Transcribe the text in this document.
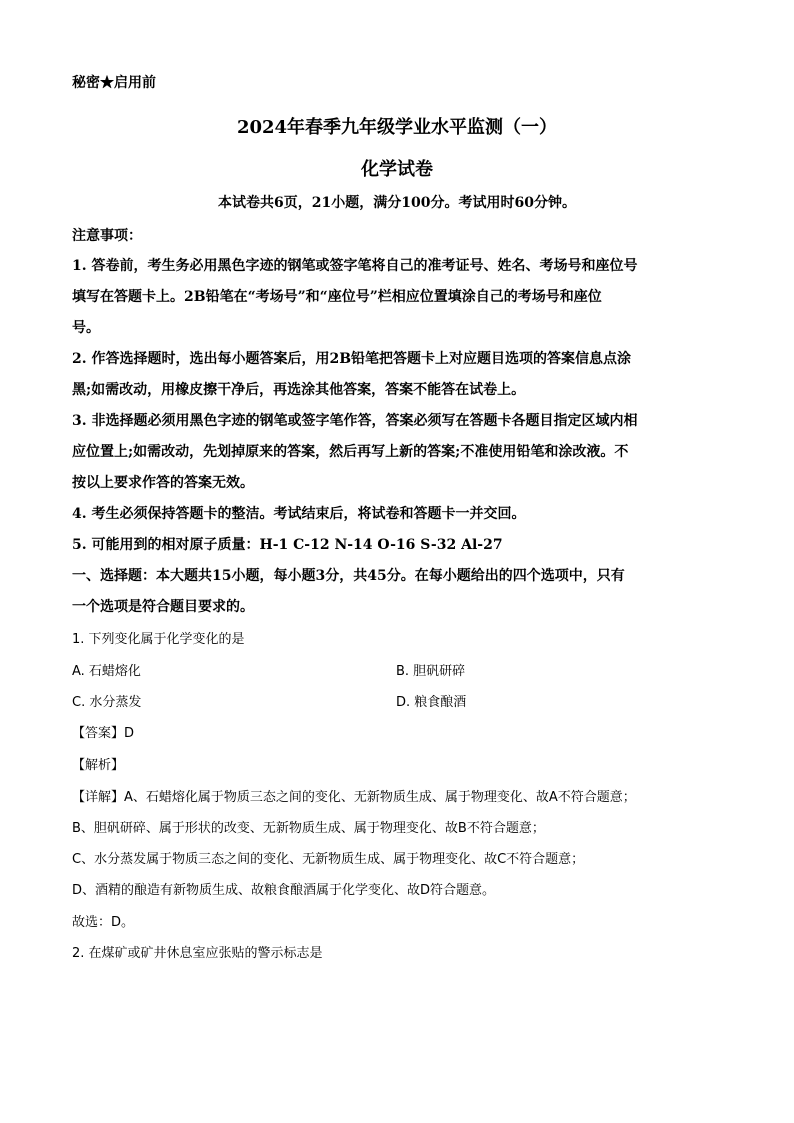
秘密★启用前
2024年春季九年级学业水平监测（一）
化学试卷
本试卷共6页，21小题，满分100分。考试用时60分钟。
注意事项：
1. 答卷前，考生务必用黑色字迹的钢笔或签字笔将自己的准考证号、姓名、考场号和座位号
填写在答题卡上。2B铅笔在“考场号”和“座位号”栏相应位置填涂自己的考场号和座位
号。
2. 作答选择题时，选出每小题答案后，用2B铅笔把答题卡上对应题目选项的答案信息点涂
黑;如需改动，用橡皮擦干净后，再选涂其他答案，答案不能答在试卷上。
3. 非选择题必须用黑色字迹的钢笔或签字笔作答，答案必须写在答题卡各题目指定区域内相
应位置上;如需改动，先划掉原来的答案，然后再写上新的答案;不准使用铅笔和涂改液。不
按以上要求作答的答案无效。
4. 考生必须保持答题卡的整洁。考试结束后，将试卷和答题卡一并交回。
5. 可能用到的相对原子质量：H-1 C-12 N-14 O-16 S-32 Al-27
一、选择题：本大题共15小题，每小题3分，共45分。在每小题给出的四个选项中，只有
一个选项是符合题目要求的。
1. 下列变化属于化学变化的是
A. 石蜡熔化	B. 胆矾研碎
C. 水分蒸发	D. 粮食酿酒
【答案】D
【解析】
【详解】A、石蜡熔化属于物质三态之间的变化、无新物质生成、属于物理变化、故A不符合题意；
B、胆矾研碎、属于形状的改变、无新物质生成、属于物理变化、故B不符合题意；
C、水分蒸发属于物质三态之间的变化、无新物质生成、属于物理变化、故C不符合题意；
D、酒精的酿造有新物质生成、故粮食酿酒属于化学变化、故D符合题意。
故选：D。
2. 在煤矿或矿井休息室应张贴的警示标志是
